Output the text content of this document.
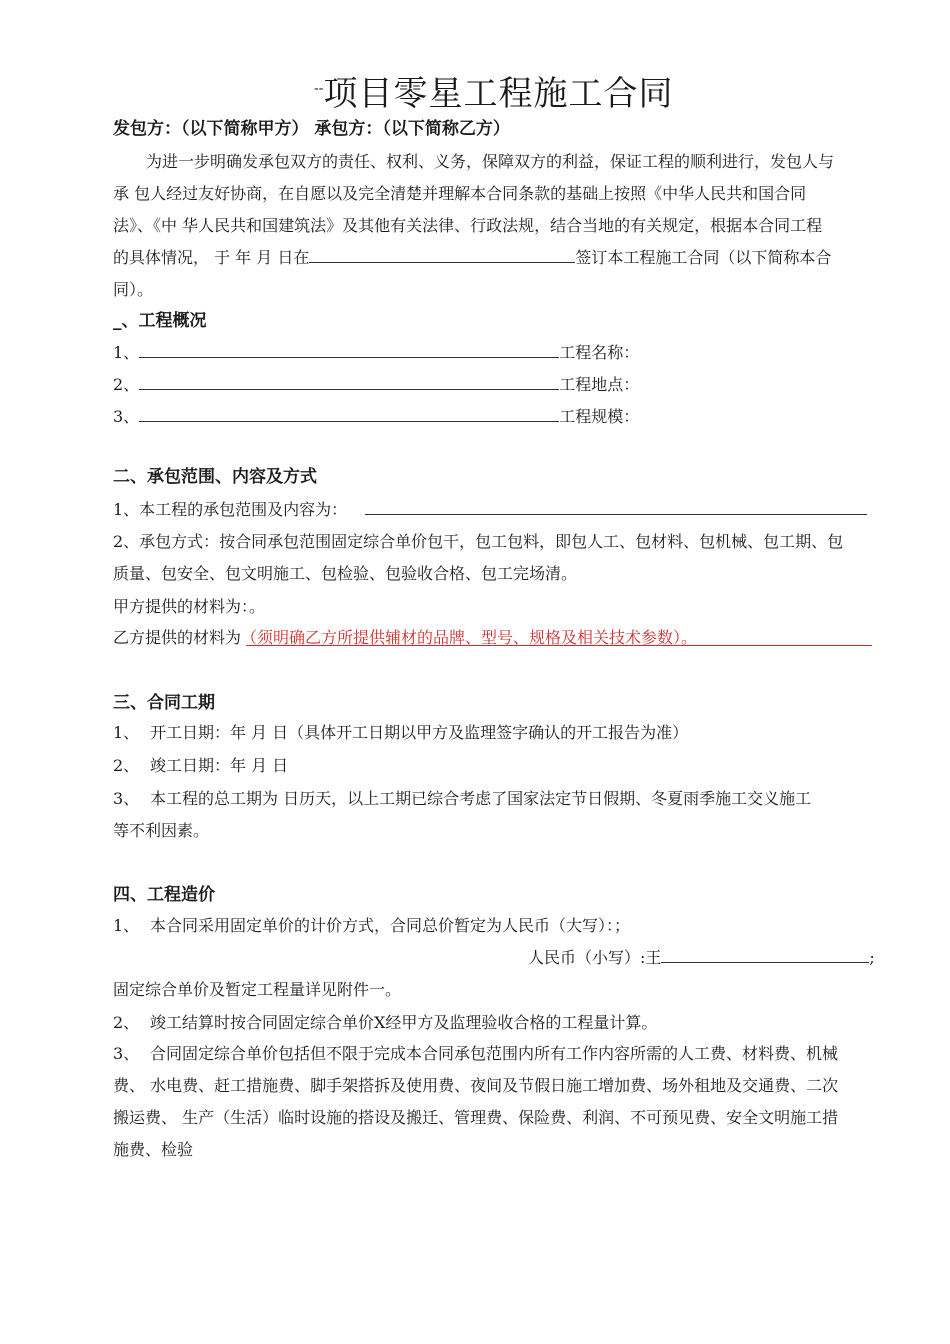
--项目零星工程施工合同
发包方：（以下简称甲方） 承包方：（以下简称乙方）
为进一步明确发承包双方的责任、权利、义务，保障双方的利益，保证工程的顺利进行，发包人与
承 包人经过友好协商，在自愿以及完全清楚并理解本合同条款的基础上按照《中华人民共和国合同
法》、《中 华人民共和国建筑法》及其他有关法律、行政法规，结合当地的有关规定，根据本合同工程
的具体情况， 于 年 月 日在	签订本工程施工合同（以下简称本合
同）。
_、工程概况
1、	工程名称：
2、	工程地点：
3、	工程规模：
二、承包范围、内容及方式
1、本工程的承包范围及内容为：
2、承包方式：按合同承包范围固定综合单价包干，包工包料，即包人工、包材料、包机械、包工期、包
质量、包安全、包文明施工、包检验、包验收合格、包工完场清。
甲方提供的材料为：。
乙方提供的材料为（须明确乙方所提供辅材的品牌、型号、规格及相关技术参数）。
三、合同工期
1、 开工日期：年 月 日（具体开工日期以甲方及监理签字确认的开工报告为准）
2、 竣工日期：年 月 日
3、 本工程的总工期为 日历天，以上工期已综合考虑了国家法定节日假期、冬夏雨季施工交义施工
等不利因素。
四、工程造价
1、 本合同采用固定单价的计价方式，合同总价暂定为人民币（大写）：；
人民币（小写）:王	;
固定综合单价及暂定工程量详见附件一。
2、 竣工结算时按合同固定综合单价X经甲方及监理验收合格的工程量计算。
3、 合同固定综合单价包括但不限于完成本合同承包范围内所有工作内容所需的人工费、材料费、机械
费、 水电费、赶工措施费、脚手架搭拆及使用费、夜间及节假日施工增加费、场外租地及交通费、二次
搬运费、 生产（生活）临时设施的搭设及搬迁、管理费、保险费、利润、不可预见费、安全文明施工措
施费、检验
